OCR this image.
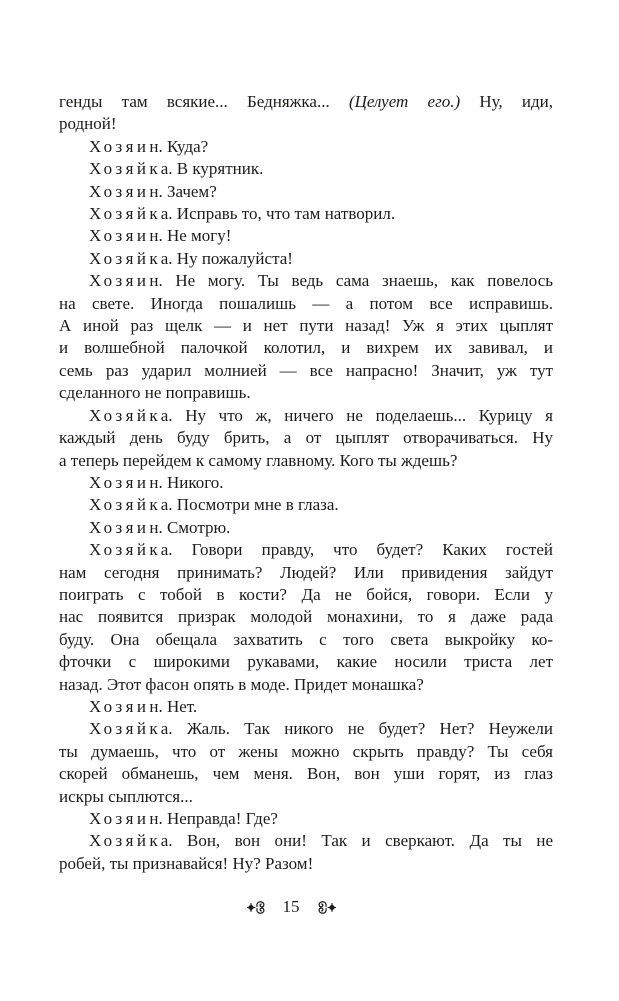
генды там всякие... Бедняжка... (Целует его.) Ну, иди,
родной!
Хозяин. Куда?
Хозяйка. В курятник.
Хозяин. Зачем?
Хозяйка. Исправь то, что там натворил.
Хозяин. Не могу!
Хозяйка. Ну пожалуйста!
Хозяин. Не могу. Ты ведь сама знаешь, как повелось
на свете. Иногда пошалишь — а потом все исправишь.
А иной раз щелк — и нет пути назад! Уж я этих цыплят
и волшебной палочкой колотил, и вихрем их завивал, и
семь раз ударил молнией — все напрасно! Значит, уж тут
сделанного не поправишь.
Хозяйка. Ну что ж, ничего не поделаешь... Курицу я
каждый день буду брить, а от цыплят отворачиваться. Ну
а теперь перейдем к самому главному. Кого ты ждешь?
Хозяин. Никого.
Хозяйка. Посмотри мне в глаза.
Хозяин. Смотрю.
Хозяйка. Говори правду, что будет? Каких гостей
нам сегодня принимать? Людей? Или привидения зайдут
поиграть с тобой в кости? Да не бойся, говори. Если у
нас появится призрак молодой монахини, то я даже рада
буду. Она обещала захватить с того света выкройку ко-
фточки с широкими рукавами, какие носили триста лет
назад. Этот фасон опять в моде. Придет монашка?
Хозяин. Нет.
Хозяйка. Жаль. Так никого не будет? Нет? Неужели
ты думаешь, что от жены можно скрыть правду? Ты себя
скорей обманешь, чем меня. Вон, вон уши горят, из глаз
искры сыплются...
Хозяин. Неправда! Где?
Хозяйка. Вон, вон они! Так и сверкают. Да ты не
робей, ты признавайся! Ну? Разом!
15
